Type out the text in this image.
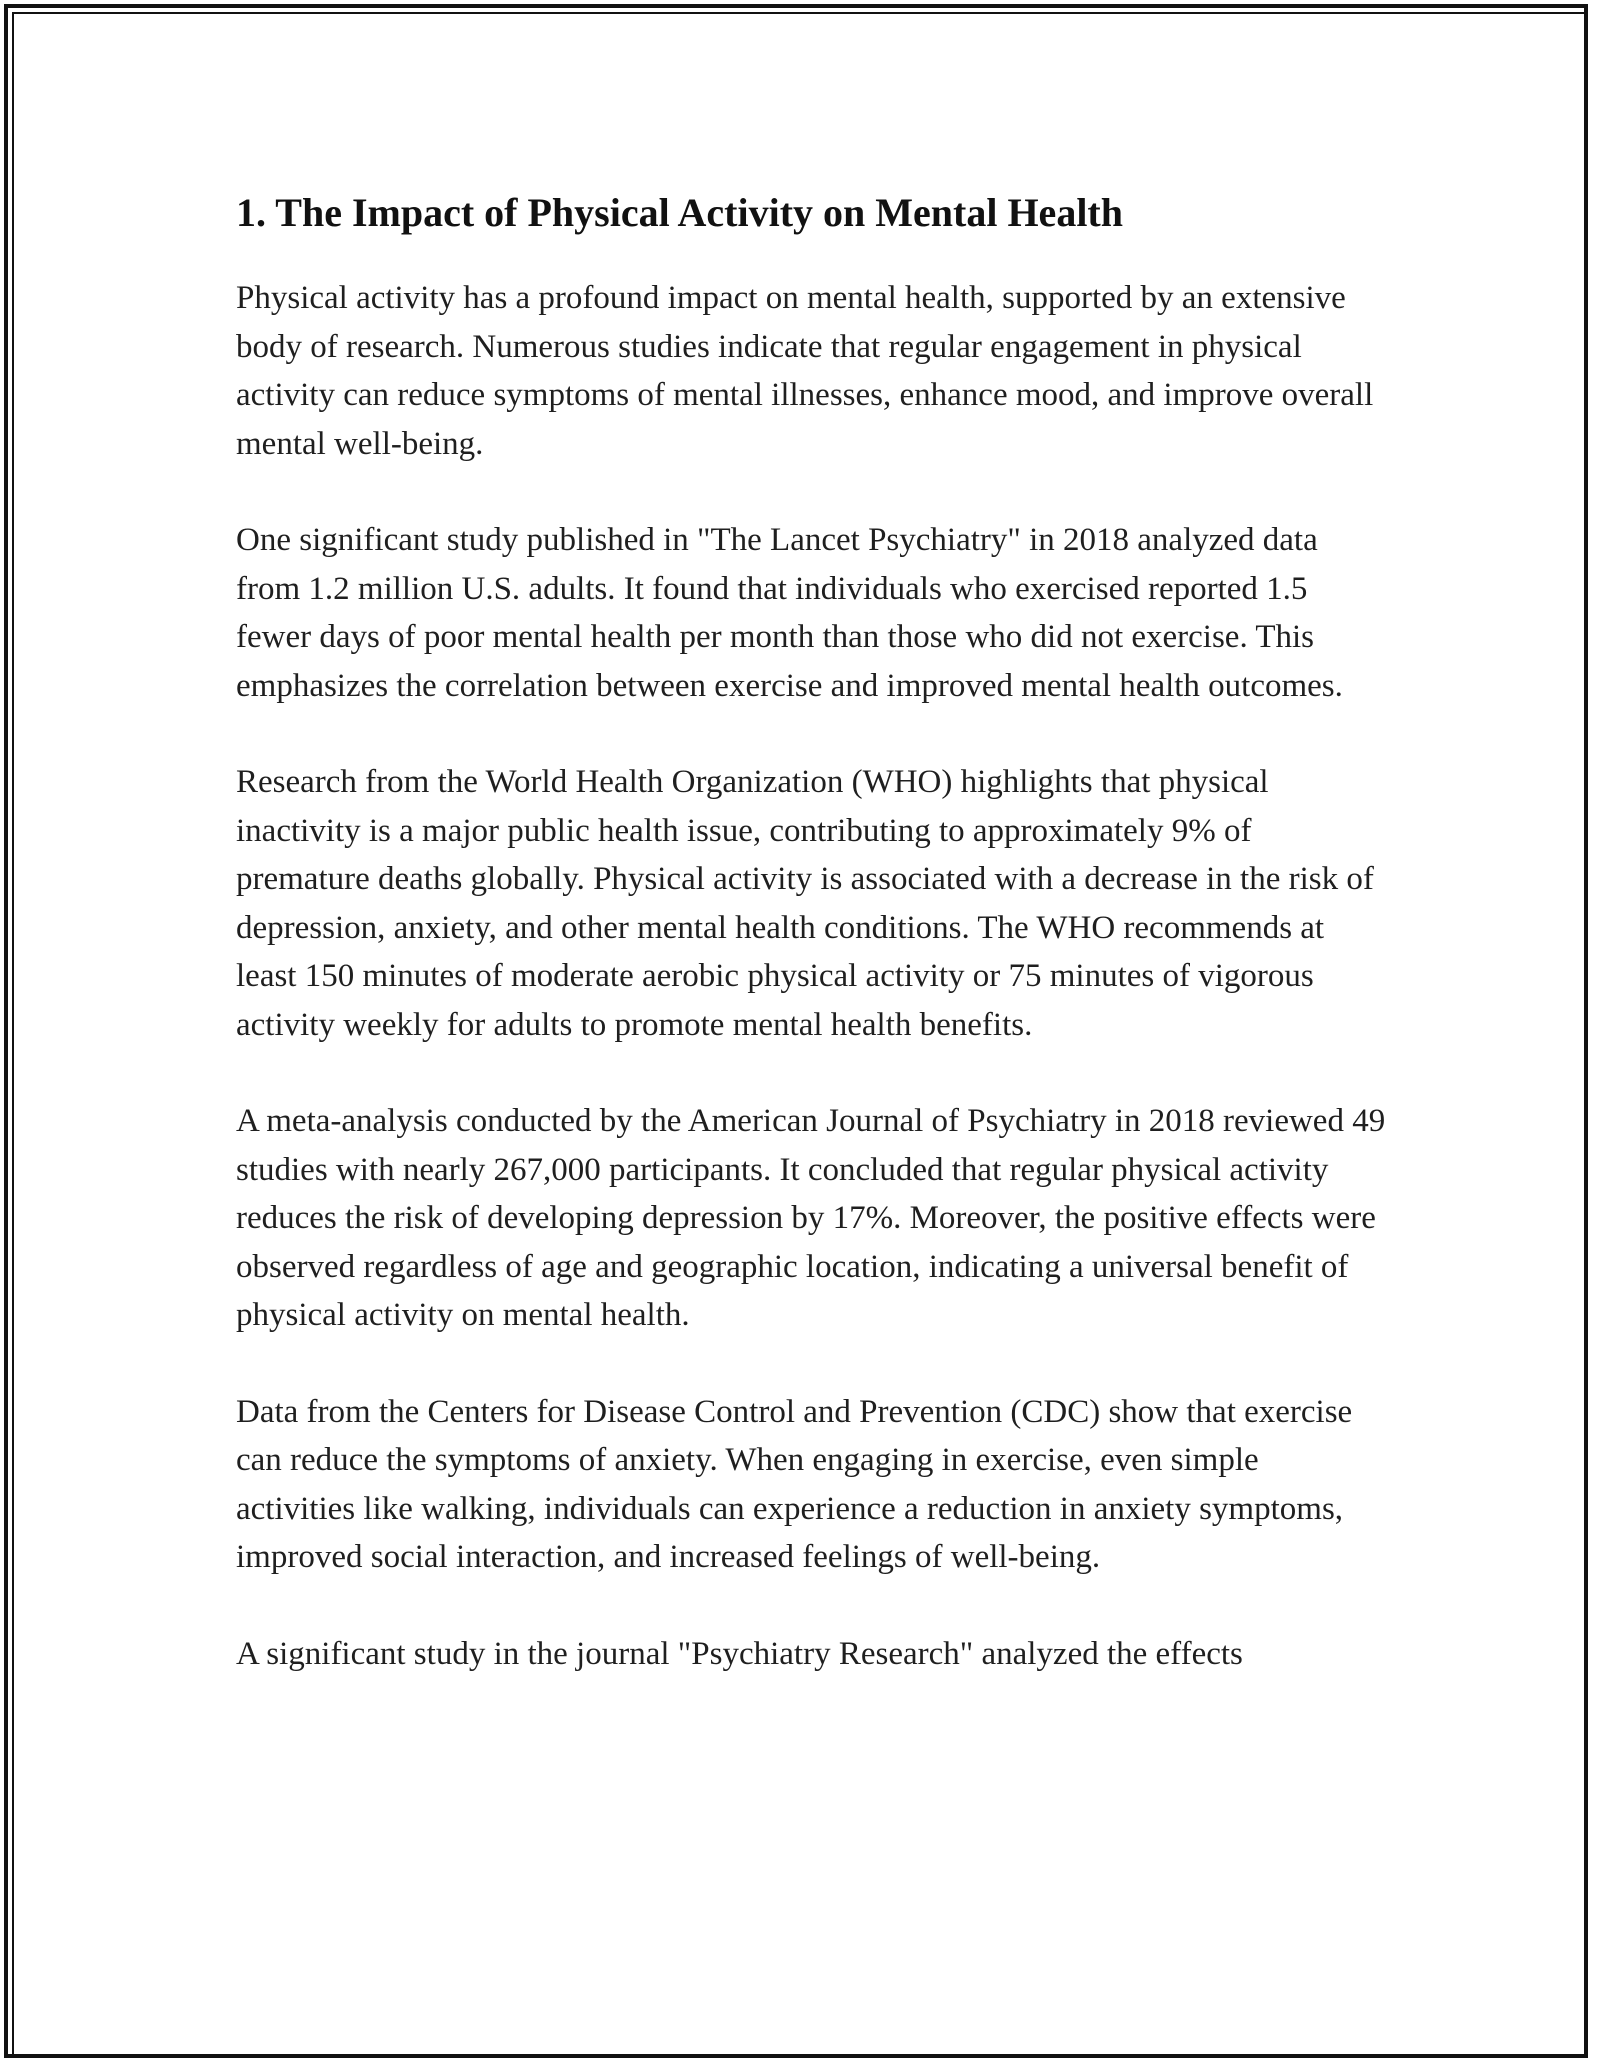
1. The Impact of Physical Activity on Mental Health

Physical activity has a profound impact on mental health, supported by an extensive body of research. Numerous studies indicate that regular engagement in physical activity can reduce symptoms of mental illnesses, enhance mood, and improve overall mental well-being.

One significant study published in "The Lancet Psychiatry" in 2018 analyzed data from 1.2 million U.S. adults. It found that individuals who exercised reported 1.5 fewer days of poor mental health per month than those who did not exercise. This emphasizes the correlation between exercise and improved mental health outcomes.

Research from the World Health Organization (WHO) highlights that physical inactivity is a major public health issue, contributing to approximately 9% of premature deaths globally. Physical activity is associated with a decrease in the risk of depression, anxiety, and other mental health conditions. The WHO recommends at least 150 minutes of moderate aerobic physical activity or 75 minutes of vigorous activity weekly for adults to promote mental health benefits.

A meta-analysis conducted by the American Journal of Psychiatry in 2018 reviewed 49 studies with nearly 267,000 participants. It concluded that regular physical activity reduces the risk of developing depression by 17%. Moreover, the positive effects were observed regardless of age and geographic location, indicating a universal benefit of physical activity on mental health.

Data from the Centers for Disease Control and Prevention (CDC) show that exercise can reduce the symptoms of anxiety. When engaging in exercise, even simple activities like walking, individuals can experience a reduction in anxiety symptoms, improved social interaction, and increased feelings of well-being.

A significant study in the journal "Psychiatry Research" analyzed the effects
